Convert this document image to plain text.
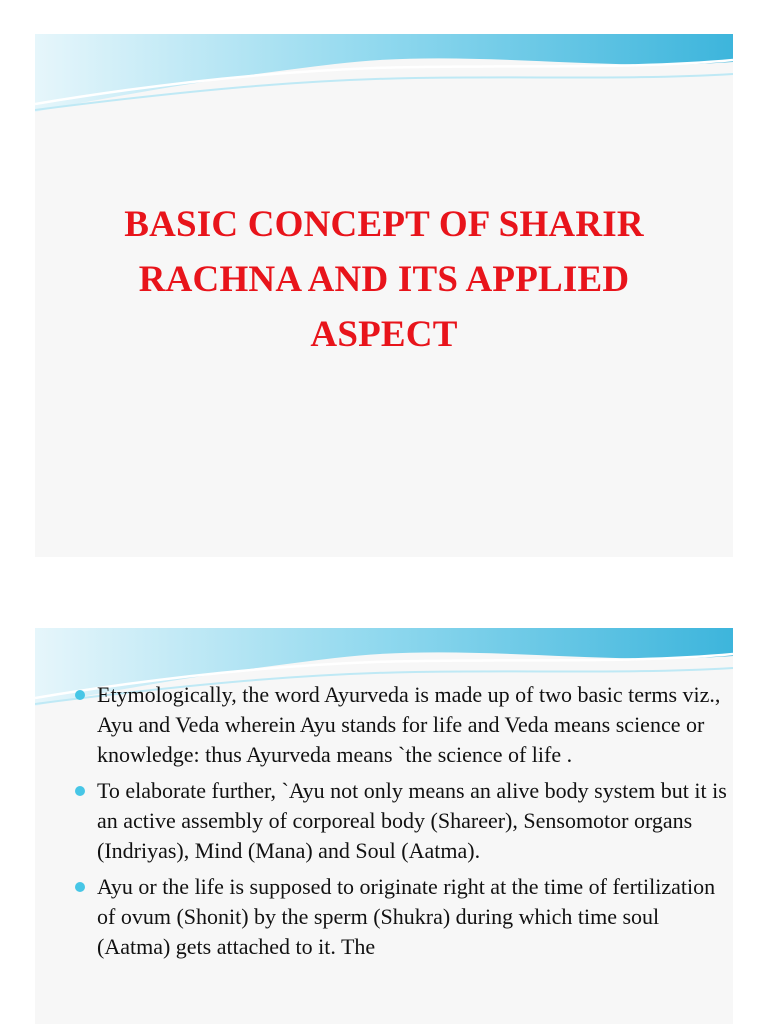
BASIC CONCEPT OF SHARIR
RACHNA AND ITS APPLIED
ASPECT
Etymologically, the word Ayurveda is made up of two basic terms viz., Ayu and Veda wherein Ayu stands for life and Veda means science or knowledge: thus Ayurveda means `the science of life .
To elaborate further, `Ayu not only means an alive body system but it is an active assembly of corporeal body (Shareer), Sensomotor organs (Indriyas), Mind (Mana) and Soul (Aatma).
Ayu or the life is supposed to originate right at the time of fertilization of ovum (Shonit) by the sperm (Shukra) during which time soul (Aatma) gets attached to it. The
